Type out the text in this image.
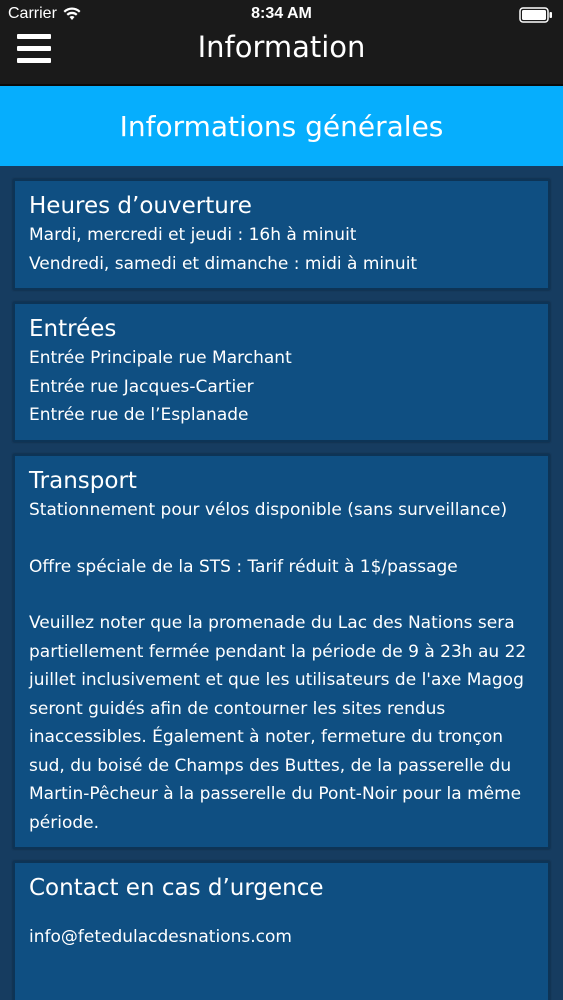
Carrier	8:34 AM
Information
Informations générales
Heures d’ouverture
Mardi, mercredi et jeudi : 16h à minuit
Vendredi, samedi et dimanche : midi à minuit
Entrées
Entrée Principale rue Marchant
Entrée rue Jacques-Cartier
Entrée rue de l’Esplanade
Transport
Stationnement pour vélos disponible (sans surveillance)
Offre spéciale de la STS : Tarif réduit à 1$/passage
Veuillez noter que la promenade du Lac des Nations sera partiellement fermée pendant la période de 9 à 23h au 22 juillet inclusivement et que les utilisateurs de l'axe Magog seront guidés afin de contourner les sites rendus inaccessibles. Également à noter, fermeture du tronçon sud, du boisé de Champs des Buttes, de la passerelle du Martin-Pêcheur à la passerelle du Pont-Noir pour la même période.
Contact en cas d’urgence
info@fetedulacdesnations.com
